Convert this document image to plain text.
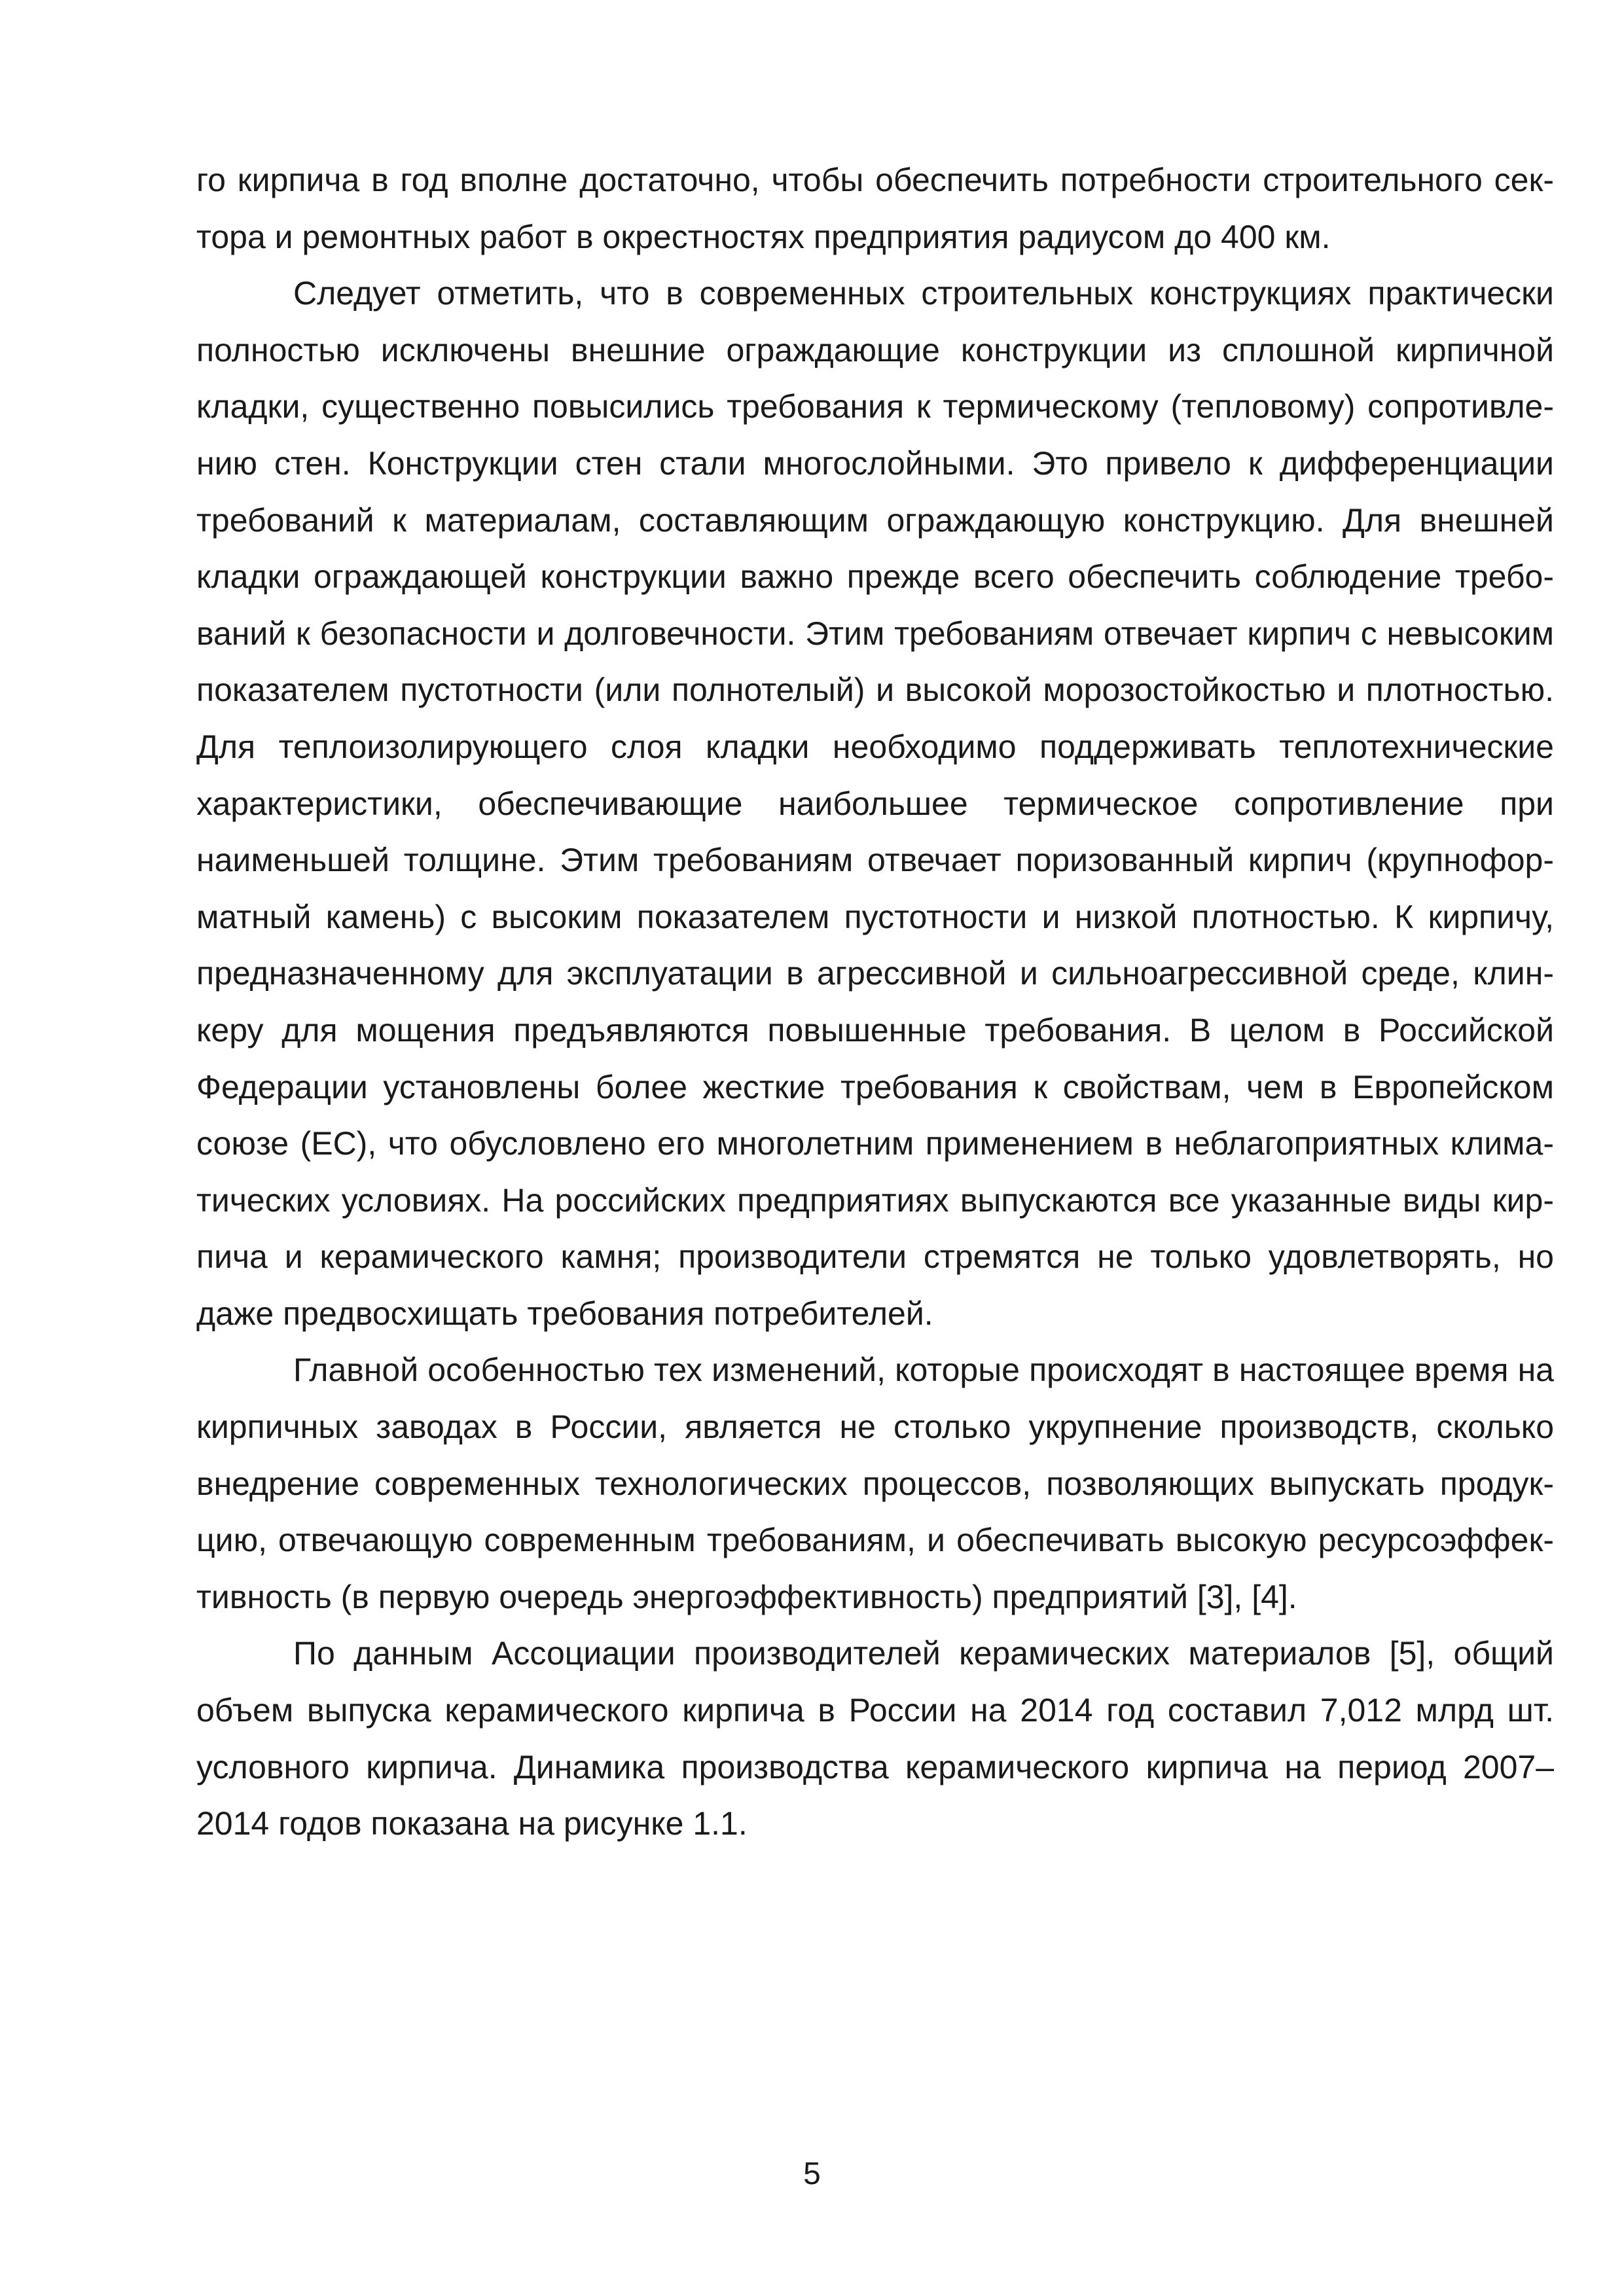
го кирпича в год вполне достаточно, чтобы обеспечить потребности строительного сектора и ремонтных работ в окрестностях предприятия радиусом до 400 км.

Следует отметить, что в современных строительных конструкциях практически полностью исключены внешние ограждающие конструкции из сплошной кирпичной кладки, существенно повысились требования к термическому (тепловому) сопротивлению стен. Конструкции стен стали многослойными. Это привело к дифференциации требований к материалам, составляющим ограждающую конструкцию. Для внешней кладки ограждающей конструкции важно прежде всего обеспечить соблюдение требований к безопасности и долговечности. Этим требованиям отвечает кирпич с невысоким показателем пустотности (или полнотелый) и высокой морозостойкостью и плотностью. Для теплоизолирующего слоя кладки необходимо поддерживать теплотехнические характеристики, обеспечивающие наибольшее термическое сопротивление при наименьшей толщине. Этим требованиям отвечает поризованный кирпич (крупноформатный камень) с высоким показателем пустотности и низкой плотностью. К кирпичу, предназначенному для эксплуатации в агрессивной и сильноагрессивной среде, клинкеру для мощения предъявляются повышенные требования. В целом в Российской Федерации установлены более жесткие требования к свойствам, чем в Европейском союзе (ЕС), что обусловлено его многолетним применением в неблагоприятных климатических условиях. На российских предприятиях выпускаются все указанные виды кирпича и керамического камня; производители стремятся не только удовлетворять, но даже предвосхищать требования потребителей.

Главной особенностью тех изменений, которые происходят в настоящее время на кирпичных заводах в России, является не столько укрупнение производств, сколько внедрение современных технологических процессов, позволяющих выпускать продукцию, отвечающую современным требованиям, и обеспечивать высокую ресурсоэффективность (в первую очередь энергоэффективность) предприятий [3], [4].

По данным Ассоциации производителей керамических материалов [5], общий объем выпуска керамического кирпича в России на 2014 год составил 7,012 млрд шт. условного кирпича. Динамика производства керамического кирпича на период 2007–2014 годов показана на рисунке 1.1.

5
